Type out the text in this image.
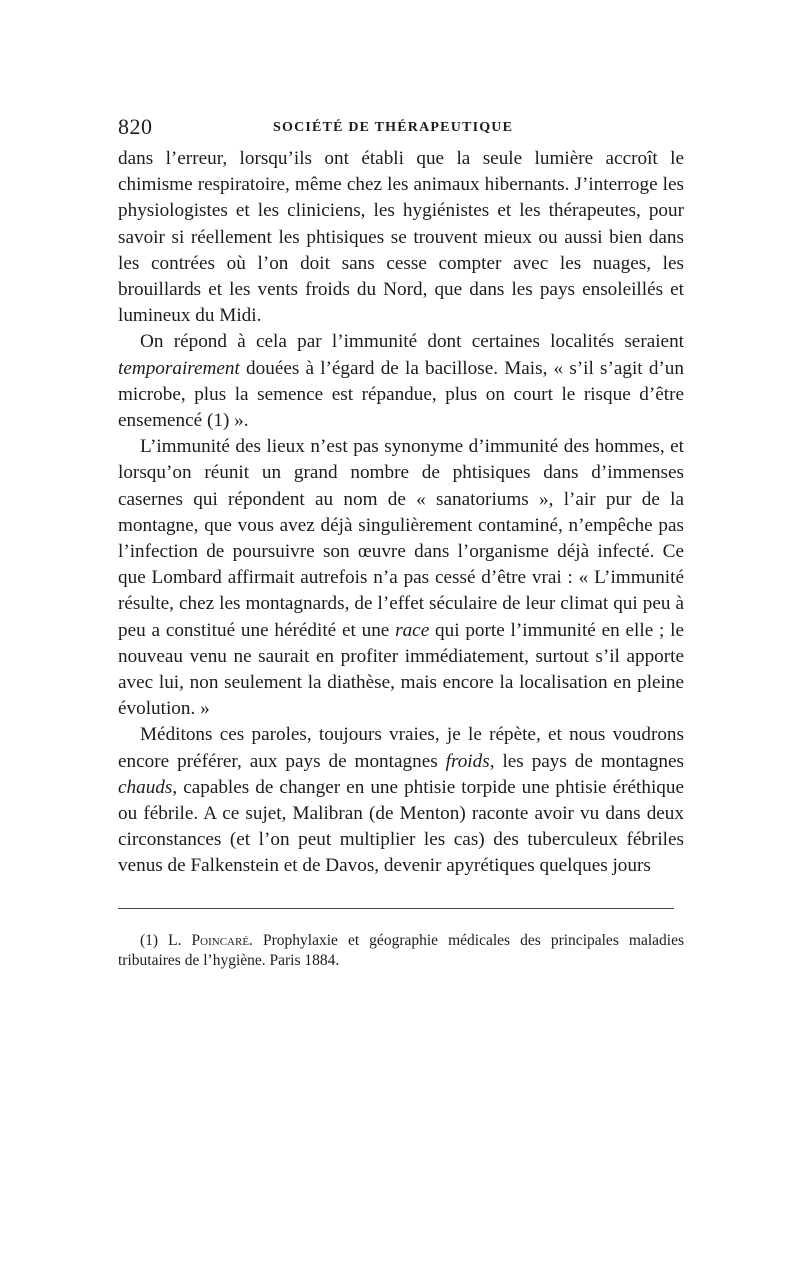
820	SOCIÉTÉ DE THÉRAPEUTIQUE

dans l’erreur, lorsqu’ils ont établi que la seule lumière accroît le chimisme respiratoire, même chez les animaux hibernants. J’interroge les physiologistes et les cliniciens, les hygiénistes et les thérapeutes, pour savoir si réellement les phtisiques se trouvent mieux ou aussi bien dans les contrées où l’on doit sans cesse compter avec les nuages, les brouillards et les vents froids du Nord, que dans les pays ensoleillés et lumineux du Midi.

On répond à cela par l’immunité dont certaines localités seraient temporairement douées à l’égard de la bacillose. Mais, « s’il s’agit d’un microbe, plus la semence est répandue, plus on court le risque d’être ensemencé (1) ».

L’immunité des lieux n’est pas synonyme d’immunité des hommes, et lorsqu’on réunit un grand nombre de phtisiques dans d’immenses casernes qui répondent au nom de « sanatoriums », l’air pur de la montagne, que vous avez déjà singulièrement contaminé, n’empêche pas l’infection de poursuivre son œuvre dans l’organisme déjà infecté. Ce que Lombard affirmait autrefois n’a pas cessé d’être vrai : « L’immunité résulte, chez les montagnards, de l’effet séculaire de leur climat qui peu à peu a constitué une hérédité et une race qui porte l’immunité en elle ; le nouveau venu ne saurait en profiter immédiatement, surtout s’il apporte avec lui, non seulement la diathèse, mais encore la localisation en pleine évolution. »

Méditons ces paroles, toujours vraies, je le répète, et nous voudrons encore préférer, aux pays de montagnes froids, les pays de montagnes chauds, capables de changer en une phtisie torpide une phtisie éréthique ou fébrile. A ce sujet, Malibran (de Menton) raconte avoir vu dans deux circonstances (et l’on peut multiplier les cas) des tuberculeux fébriles venus de Falkenstein et de Davos, devenir apyrétiques quelques jours

(1) L. Poincaré. Prophylaxie et géographie médicales des principales maladies tributaires de l’hygiène. Paris 1884.
